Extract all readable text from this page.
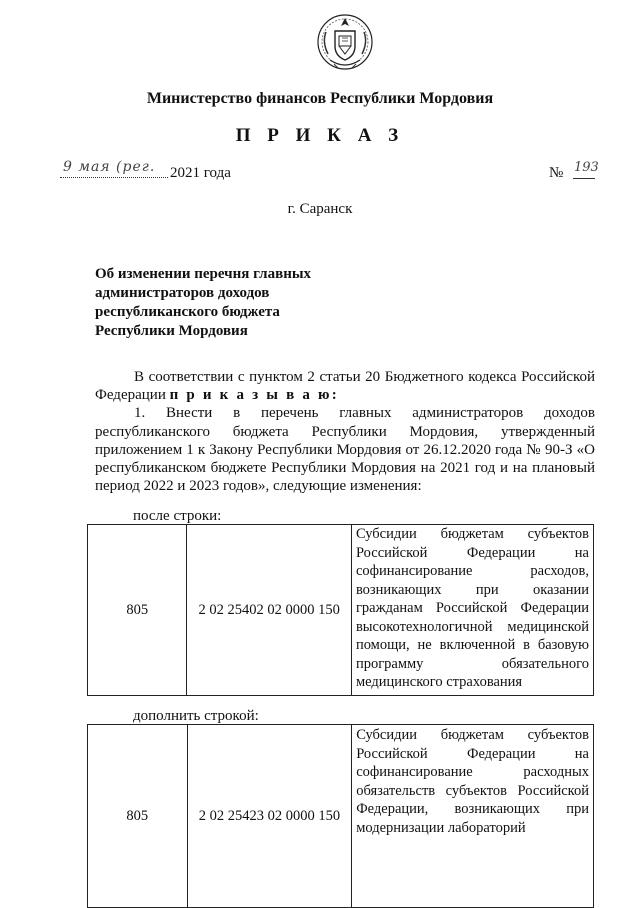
Министерство финансов Республики Мордовия
П Р И К А З
9 мая (рег. 2021 года	№ 193
г. Саранск
Об изменении перечня главных
администраторов доходов
республиканского бюджета
Республики Мордовия

В соответствии с пунктом 2 статьи 20 Бюджетного кодекса Российской Федерации п р и к а з ы в а ю:

1. Внести в перечень главных администраторов доходов республиканского бюджета Республики Мордовия, утвержденный приложением 1 к Закону Республики Мордовия от 26.12.2020 года № 90-З «О республиканском бюджете Республики Мордовия на 2021 год и на плановый период 2022 и 2023 годов», следующие изменения:

после строки:
805	2 02 25402 02 0000 150	Субсидии бюджетам субъектов Российской Федерации на софинансирование расходов, возникающих при оказании гражданам Российской Федерации высокотехнологичной медицинской помощи, не включенной в базовую программу обязательного медицинского страхования
дополнить строкой:
805	2 02 25423 02 0000 150	Субсидии бюджетам субъектов Российской Федерации на софинансирование расходных обязательств субъектов Российской Федерации, возникающих при модернизации лабораторий
